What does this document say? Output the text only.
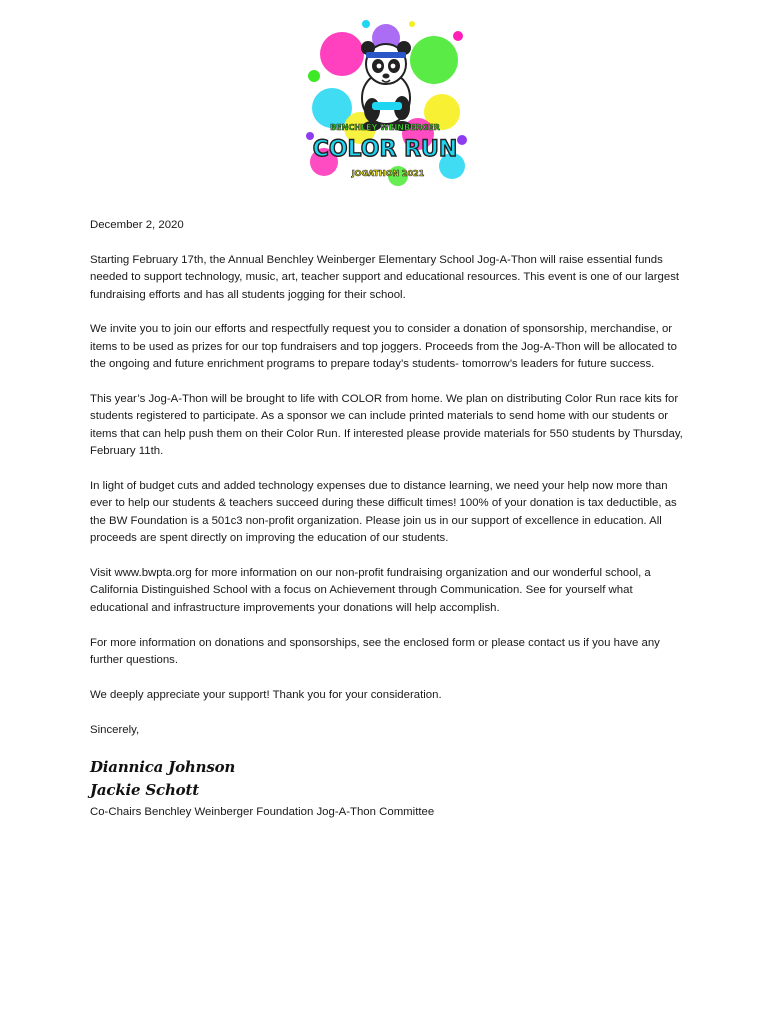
BENCHLEY WEINBERGER
COLOR RUN
JOGATHON 2021

December 2, 2020

Starting February 17th, the Annual Benchley Weinberger Elementary School Jog-A-Thon will raise essential funds needed to support technology, music, art, teacher support and educational resources. This event is one of our largest fundraising efforts and has all students jogging for their school.

We invite you to join our efforts and respectfully request you to consider a donation of sponsorship, merchandise, or items to be used as prizes for our top fundraisers and top joggers. Proceeds from the Jog-A-Thon will be allocated to the ongoing and future enrichment programs to prepare today’s students- tomorrow’s leaders for future success.

This year’s Jog-A-Thon will be brought to life with COLOR from home. We plan on distributing Color Run race kits for students registered to participate. As a sponsor we can include printed materials to send home with our students or items that can help push them on their Color Run. If interested please provide materials for 550 students by Thursday, February 11th.

In light of budget cuts and added technology expenses due to distance learning, we need your help now more than ever to help our students & teachers succeed during these difficult times! 100% of your donation is tax deductible, as the BW Foundation is a 501c3 non-profit organization. Please join us in our support of excellence in education. All proceeds are spent directly on improving the education of our students.

Visit www.bwpta.org for more information on our non-profit fundraising organization and our wonderful school, a California Distinguished School with a focus on Achievement through Communication. See for yourself what educational and infrastructure improvements your donations will help accomplish.

For more information on donations and sponsorships, see the enclosed form or please contact us if you have any further questions.

We deeply appreciate your support! Thank you for your consideration.

Sincerely,

Diannica Johnson
Jackie Schott
Co-Chairs Benchley Weinberger Foundation Jog-A-Thon Committee
